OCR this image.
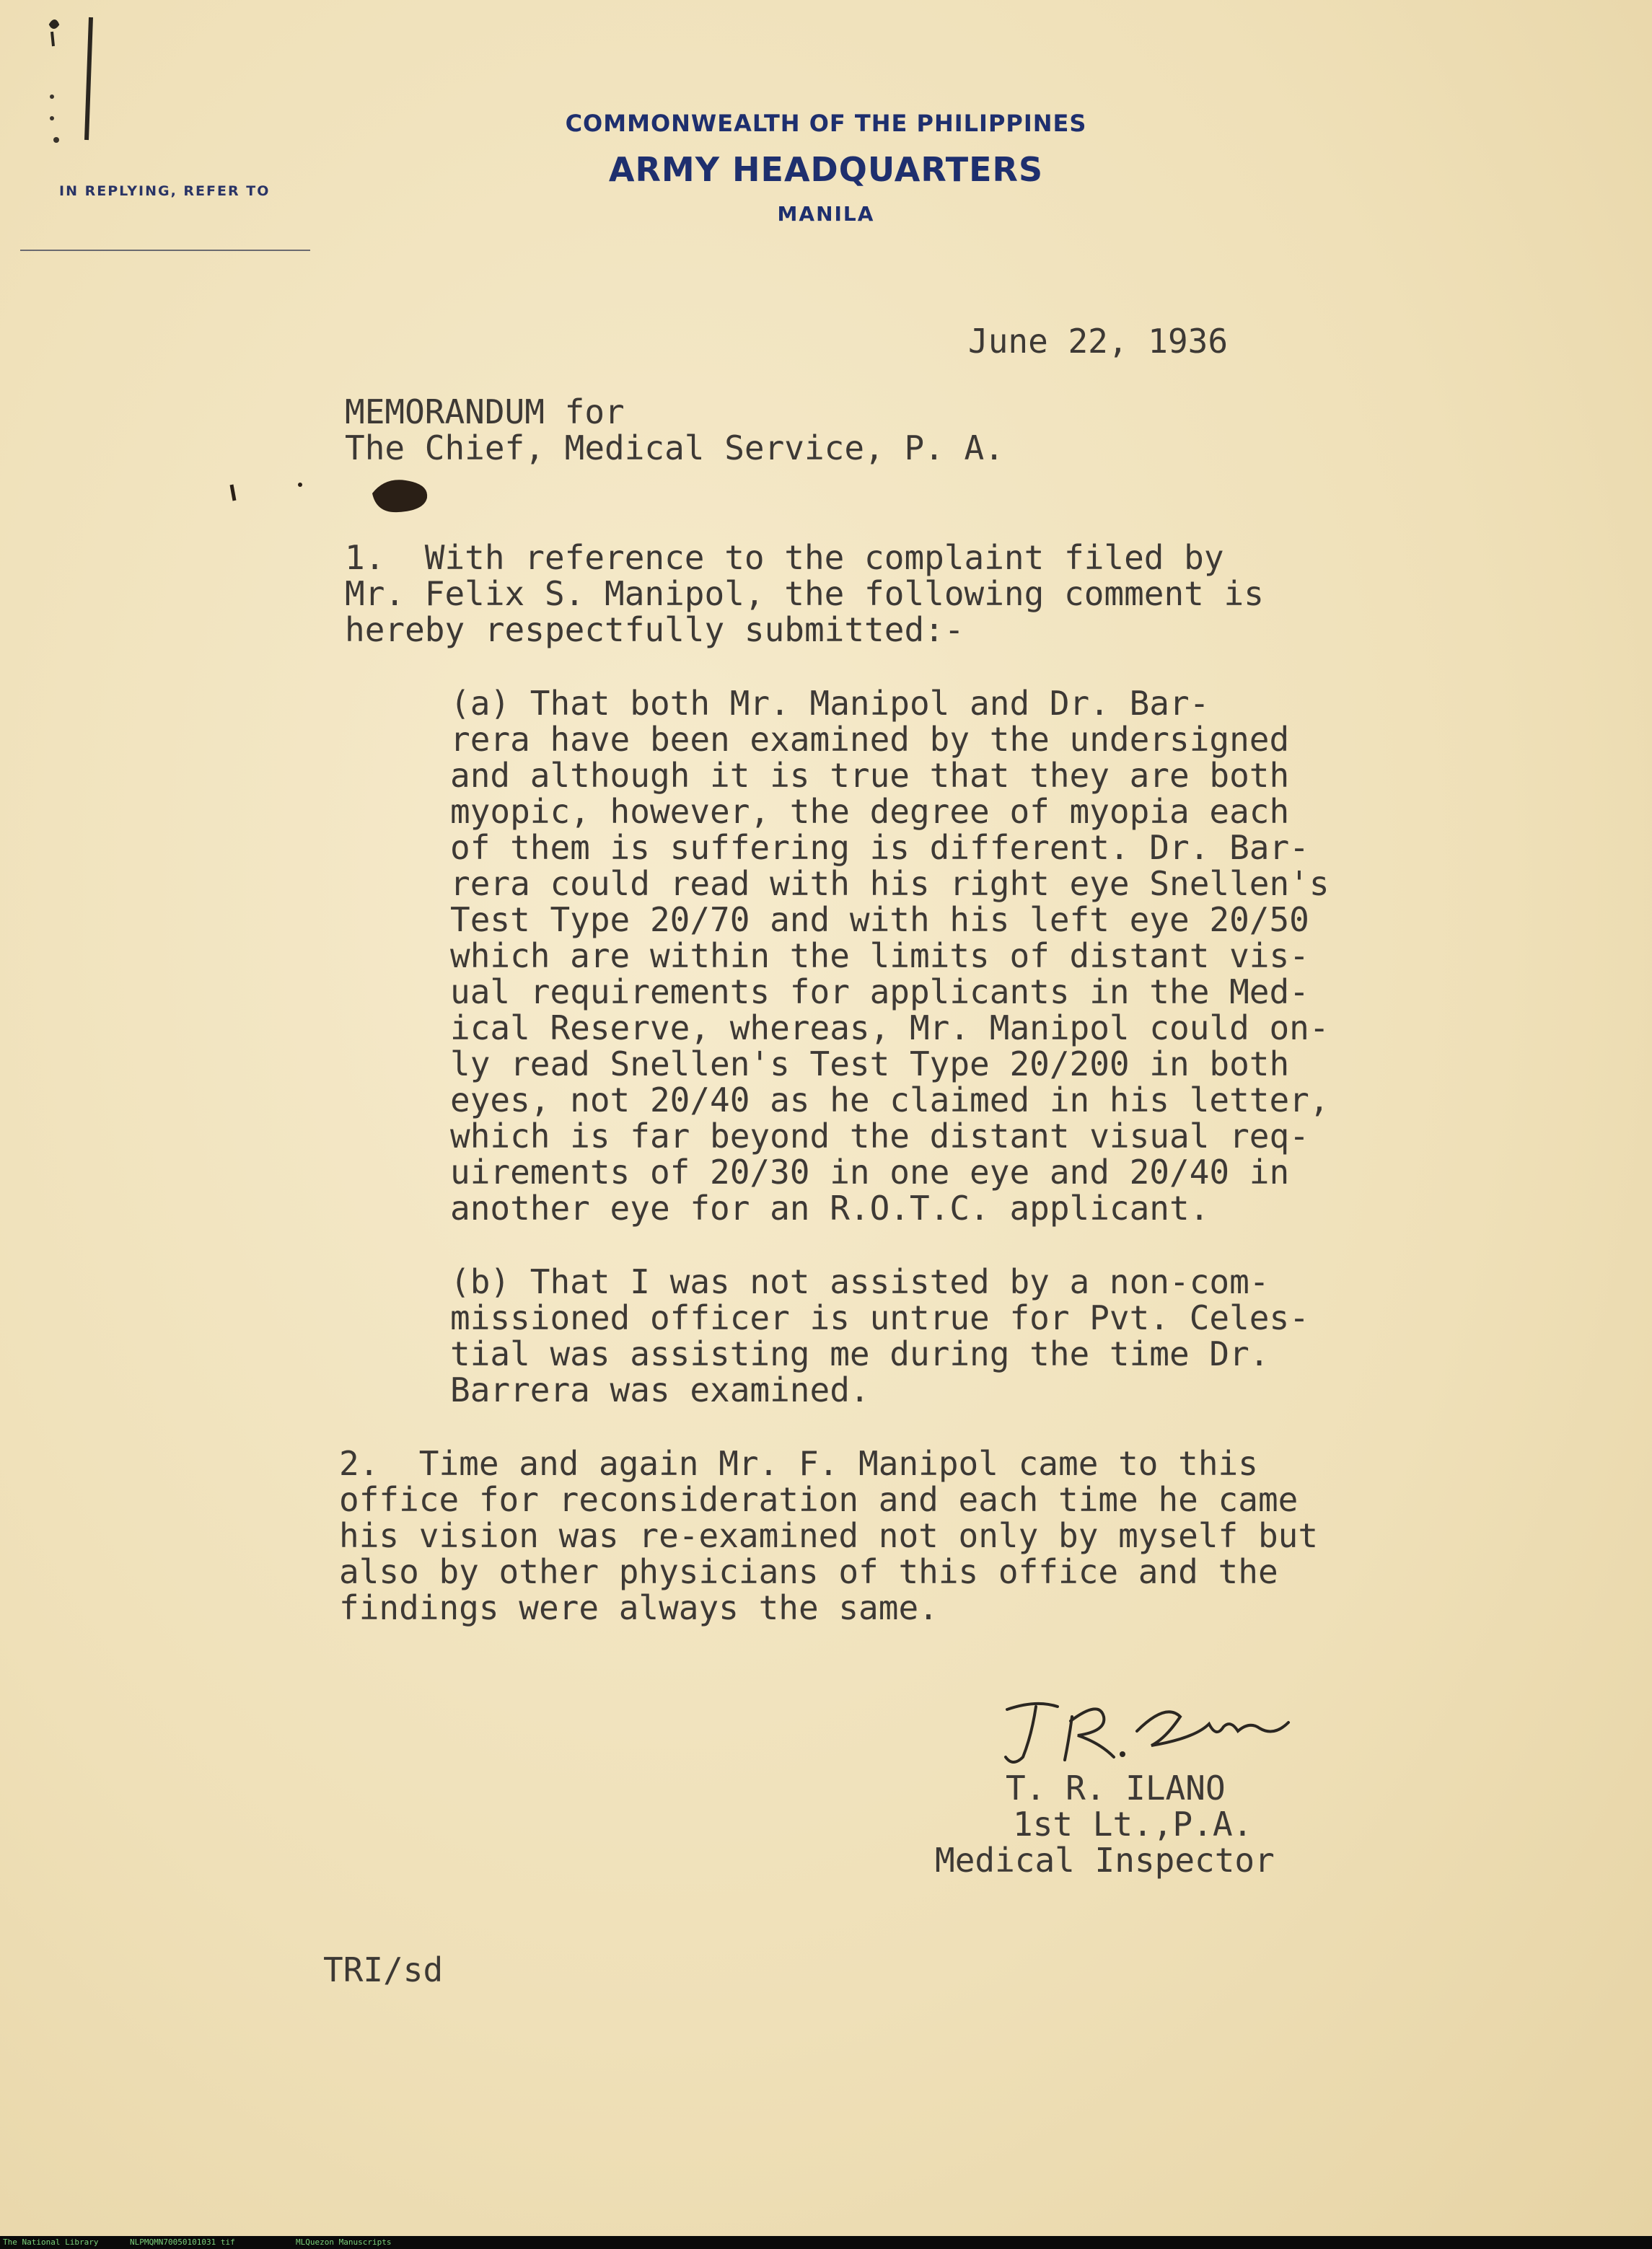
COMMONWEALTH OF THE PHILIPPINES
ARMY HEADQUARTERS
MANILA
IN REPLYING, REFER TO
June 22, 1936
MEMORANDUM for
The Chief, Medical Service, P. A.
1.  With reference to the complaint filed by
Mr. Felix S. Manipol, the following comment is
hereby respectfully submitted:-
(a) That both Mr. Manipol and Dr. Bar-
rera have been examined by the undersigned
and although it is true that they are both
myopic, however, the degree of myopia each
of them is suffering is different. Dr. Bar-
rera could read with his right eye Snellen's
Test Type 20/70 and with his left eye 20/50
which are within the limits of distant vis-
ual requirements for applicants in the Med-
ical Reserve, whereas, Mr. Manipol could on-
ly read Snellen's Test Type 20/200 in both
eyes, not 20/40 as he claimed in his letter,
which is far beyond the distant visual req-
uirements of 20/30 in one eye and 20/40 in
another eye for an R.O.T.C. applicant.
(b) That I was not assisted by a non-com-
missioned officer is untrue for Pvt. Celes-
tial was assisting me during the time Dr.
Barrera was examined.
2.  Time and again Mr. F. Manipol came to this
office for reconsideration and each time he came
his vision was re-examined not only by myself but
also by other physicians of this office and the
findings were always the same.
T. R. ILANO
1st Lt.,P.A.
Medical Inspector
TRI/sd
The National Library	NLPMQMN70050101031 tif	MLQuezon Manuscripts
